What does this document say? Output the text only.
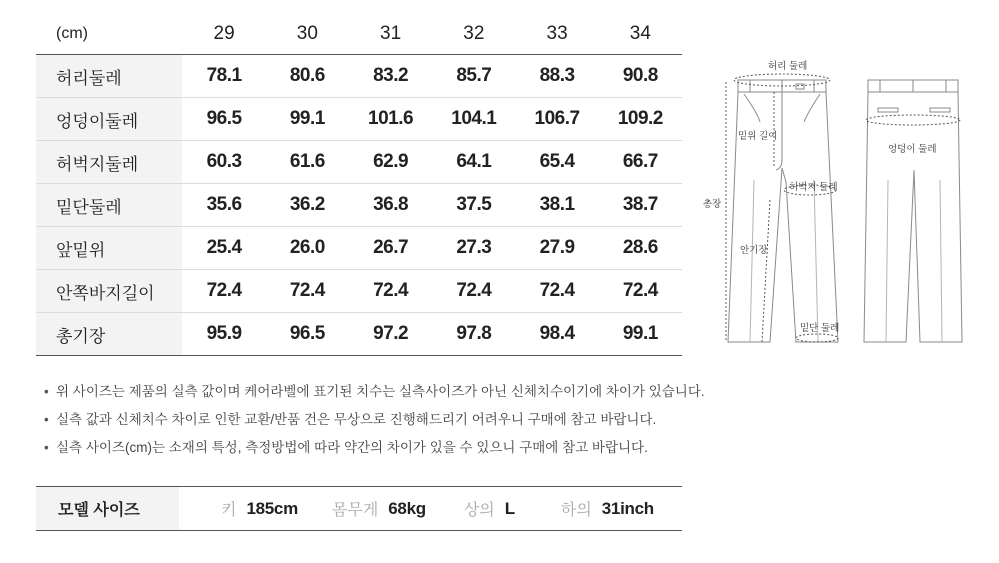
(cm)	29	30	31	32	33	34
허리둘레	78.1	80.6	83.2	85.7	88.3	90.8
엉덩이둘레	96.5	99.1	101.6	104.1	106.7	109.2
허벅지둘레	60.3	61.6	62.9	64.1	65.4	66.7
밑단둘레	35.6	36.2	36.8	37.5	38.1	38.7
앞밑위	25.4	26.0	26.7	27.3	27.9	28.6
안쪽바지길이	72.4	72.4	72.4	72.4	72.4	72.4
총기장	95.9	96.5	97.2	97.8	98.4	99.1
허리 둘레
밑위 길이
총장
허벅지 둘레
안기장
밑단 둘레
엉덩이 둘레
• 위 사이즈는 제품의 실측 값이며 케어라벨에 표기된 치수는 실측사이즈가 아닌 신체치수이기에 차이가 있습니다.
• 실측 값과 신체치수 차이로 인한 교환/반품 건은 무상으로 진행해드리기 어려우니 구매에 참고 바랍니다.
• 실측 사이즈(cm)는 소재의 특성, 측정방법에 따라 약간의 차이가 있을 수 있으니 구매에 참고 바랍니다.
모델 사이즈	키 185cm 몸무게 68kg 상의 L	하의 31inch
